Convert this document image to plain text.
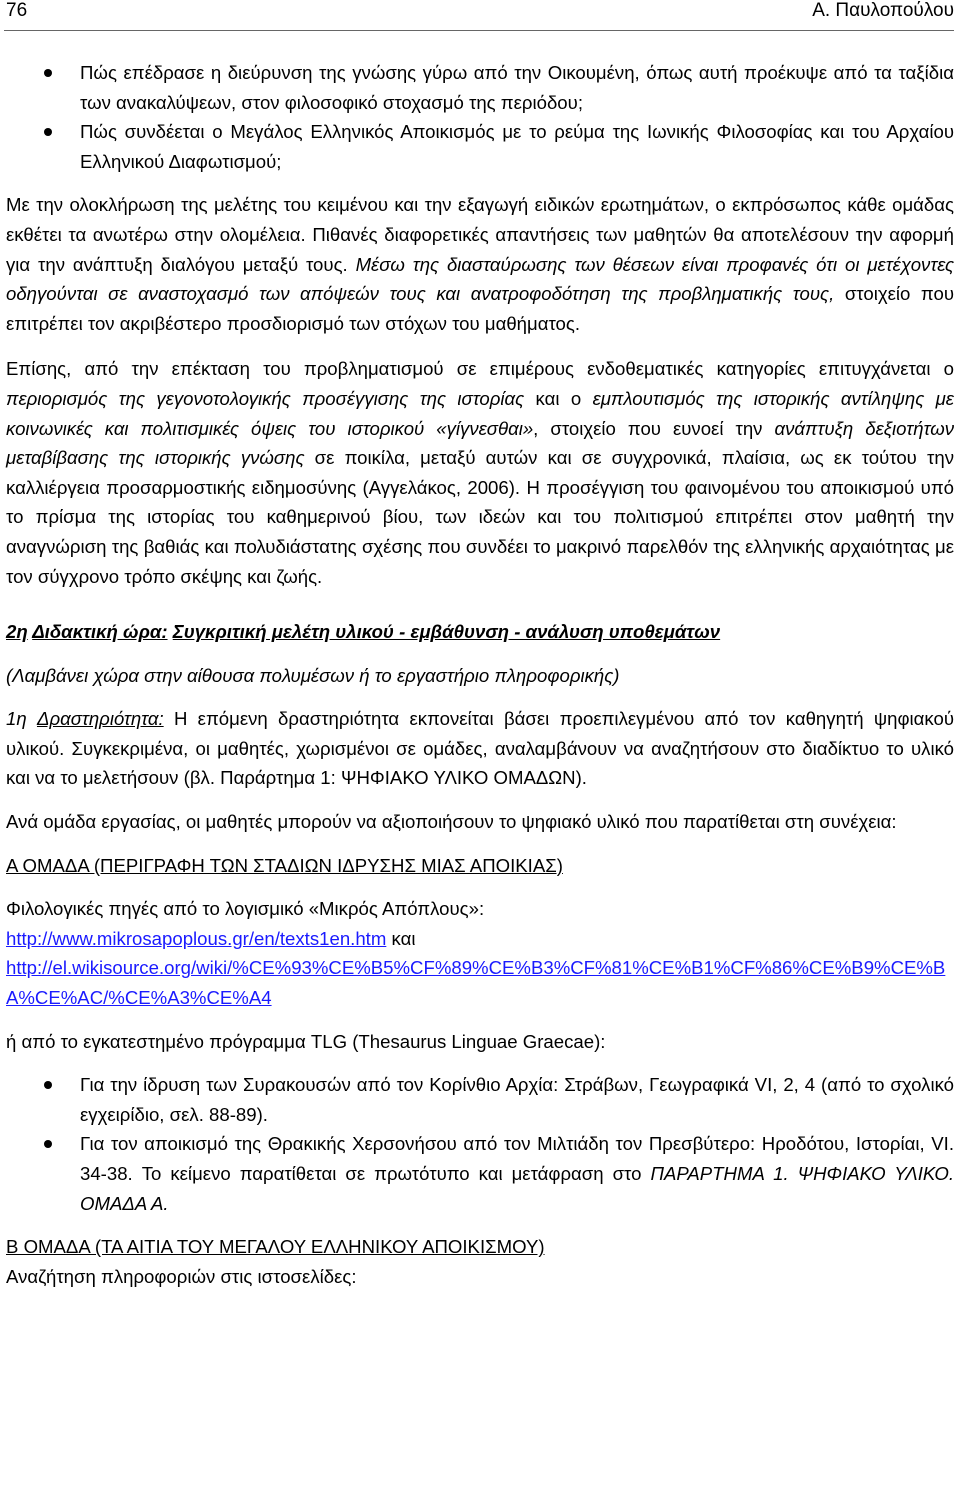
76	Α. Παυλοπούλου

Πώς επέδρασε η διεύρυνση της γνώσης γύρω από την Οικουμένη, όπως αυτή προέκυψε από τα ταξίδια των ανακαλύψεων, στον φιλοσοφικό στοχασμό της περιόδου;

Πώς συνδέεται ο Μεγάλος Ελληνικός Αποικισμός με το ρεύμα της Ιωνικής Φιλοσοφίας και του Αρχαίου Ελληνικού Διαφωτισμού;

Με την ολοκλήρωση της μελέτης του κειμένου και την εξαγωγή ειδικών ερωτημάτων, ο εκπρόσωπος κάθε ομάδας εκθέτει τα ανωτέρω στην ολομέλεια. Πιθανές διαφορετικές απαντήσεις των μαθητών θα αποτελέσουν την αφορμή για την ανάπτυξη διαλόγου μεταξύ τους. Μέσω της διασταύρωσης των θέσεων είναι προφανές ότι οι μετέχοντες οδηγούνται σε αναστοχασμό των απόψεών τους και ανατροφοδότηση της προβληματικής τους, στοιχείο που επιτρέπει τον ακριβέστερο προσδιορισμό των στόχων του μαθήματος.

Επίσης, από την επέκταση του προβληματισμού σε επιμέρους ενδοθεματικές κατηγορίες επιτυγχάνεται ο περιορισμός της γεγονοτολογικής προσέγγισης της ιστορίας και ο εμπλουτισμός της ιστορικής αντίληψης με κοινωνικές και πολιτισμικές όψεις του ιστορικού «γίγνεσθαι», στοιχείο που ευνοεί την ανάπτυξη δεξιοτήτων μεταβίβασης της ιστορικής γνώσης σε ποικίλα, μεταξύ αυτών και σε συγχρονικά, πλαίσια, ως εκ τούτου την καλλιέργεια προσαρμοστικής ειδημοσύνης (Αγγελάκος, 2006). Η προσέγγιση του φαινομένου του αποικισμού υπό το πρίσμα της ιστορίας του καθημερινού βίου, των ιδεών και του πολιτισμού επιτρέπει στον μαθητή την αναγνώριση της βαθιάς και πολυδιάστατης σχέσης που συνδέει το μακρινό παρελθόν της ελληνικής αρχαιότητας με τον σύγχρονο τρόπο σκέψης και ζωής.

2η Διδακτική ώρα: Συγκριτική μελέτη υλικού - εμβάθυνση - ανάλυση υποθεμάτων

(Λαμβάνει χώρα στην αίθουσα πολυμέσων ή το εργαστήριο πληροφορικής)

1η Δραστηριότητα: Η επόμενη δραστηριότητα εκπονείται βάσει προεπιλεγμένου από τον καθηγητή ψηφιακού υλικού. Συγκεκριμένα, οι μαθητές, χωρισμένοι σε ομάδες, αναλαμβάνουν να αναζητήσουν στο διαδίκτυο το υλικό και να το μελετήσουν (βλ. Παράρτημα 1: ΨΗΦΙΑΚΟ ΥΛΙΚΟ ΟΜΑΔΩΝ).

Ανά ομάδα εργασίας, οι μαθητές μπορούν να αξιοποιήσουν το ψηφιακό υλικό που παρατίθεται στη συνέχεια:

Α ΟΜΑΔΑ (ΠΕΡΙΓΡΑΦΗ ΤΩΝ ΣΤΑΔΙΩΝ ΙΔΡΥΣΗΣ ΜΙΑΣ ΑΠΟΙΚΙΑΣ)

Φιλολογικές πηγές από το λογισμικό «Μικρός Απόπλους»:

http://www.mikrosapoplous.gr/en/texts1en.htm και

http://el.wikisource.org/wiki/%CE%93%CE%B5%CF%89%CE%B3%CF%81%CE%B1%CF%86%CE%B9%CE%BA%CE%AC/%CE%A3%CE%A4

ή από το εγκατεστημένο πρόγραμμα TLG (Thesaurus Linguae Graecae):

Για την ίδρυση των Συρακουσών από τον Κορίνθιο Αρχία: Στράβων, Γεωγραφικά VI, 2, 4 (από το σχολικό εγχειρίδιο, σελ. 88-89).

Για τον αποικισμό της Θρακικής Χερσονήσου από τον Μιλτιάδη τον Πρεσβύτερο: Ηροδότου, Ιστορίαι, VI. 34-38. Το κείμενο παρατίθεται σε πρωτότυπο και μετάφραση στο ΠΑΡΑΡΤΗΜΑ 1. ΨΗΦΙΑΚΟ ΥΛΙΚΟ. ΟΜΑΔΑ Α.

Β ΟΜΑΔΑ (ΤΑ ΑΙΤΙΑ ΤΟΥ ΜΕΓΑΛΟΥ ΕΛΛΗΝΙΚΟΥ ΑΠΟΙΚΙΣΜΟΥ)

Αναζήτηση πληροφοριών στις ιστοσελίδες:
